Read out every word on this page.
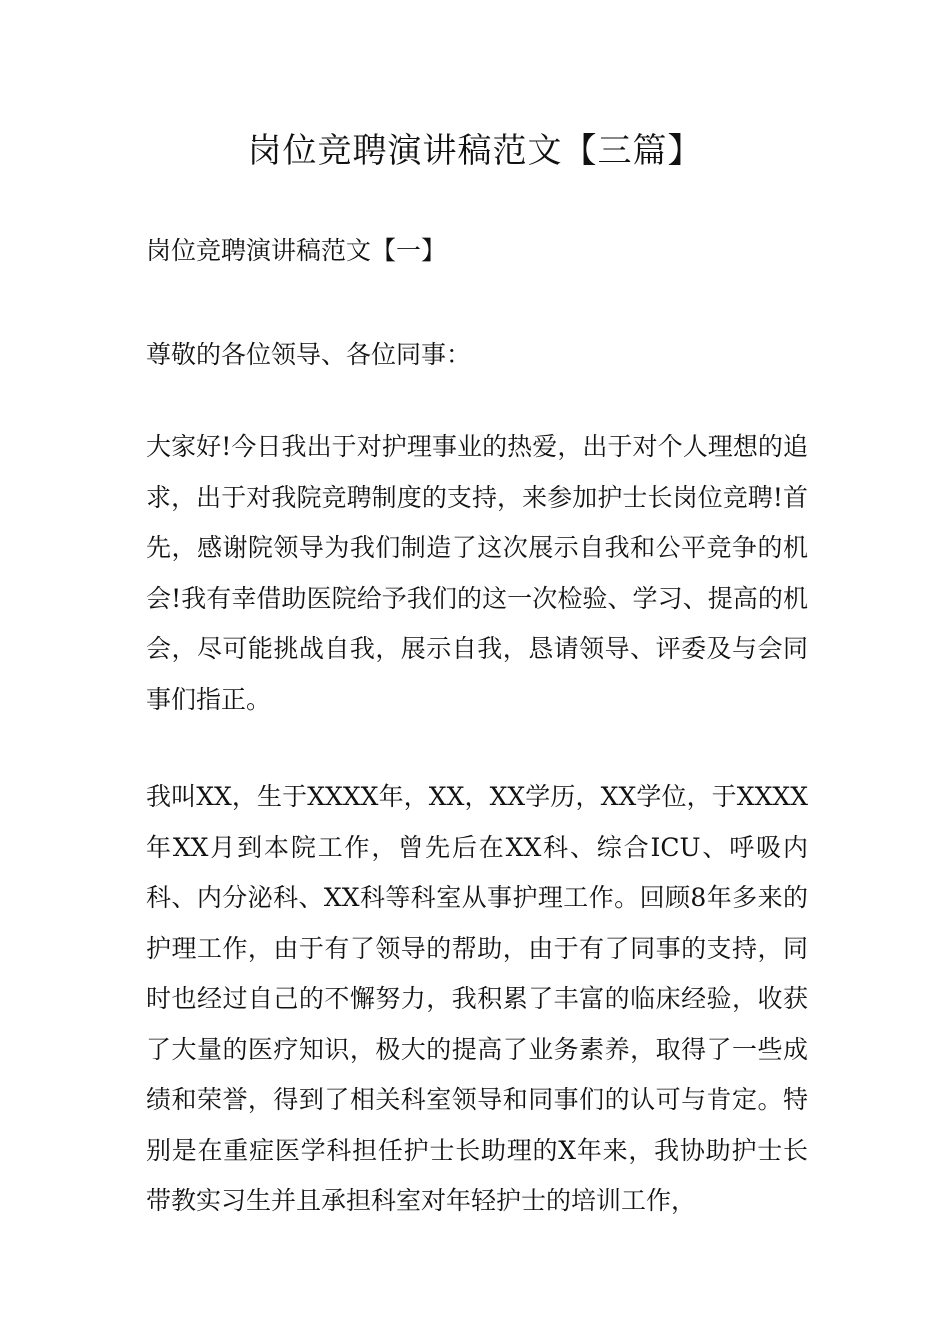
岗位竞聘演讲稿范文【三篇】

岗位竞聘演讲稿范文【一】

尊敬的各位领导、各位同事：

大家好!今日我出于对护理事业的热爱，出于对个人理想的追求，出于对我院竞聘制度的支持，来参加护士长岗位竞聘!首先，感谢院领导为我们制造了这次展示自我和公平竞争的机会!我有幸借助医院给予我们的这一次检验、学习、提高的机会，尽可能挑战自我，展示自我，恳请领导、评委及与会同事们指正。

我叫XX，生于XXXX年，XX，XX学历，XX学位，于XXXX年XX月到本院工作，曾先后在XX科、综合ICU、呼吸内科、内分泌科、XX科等科室从事护理工作。回顾8年多来的护理工作，由于有了领导的帮助，由于有了同事的支持，同时也经过自己的不懈努力，我积累了丰富的临床经验，收获了大量的医疗知识，极大的提高了业务素养，取得了一些成绩和荣誉，得到了相关科室领导和同事们的认可与肯定。特别是在重症医学科担任护士长助理的X年来，我协助护士长带教实习生并且承担科室对年轻护士的培训工作，
